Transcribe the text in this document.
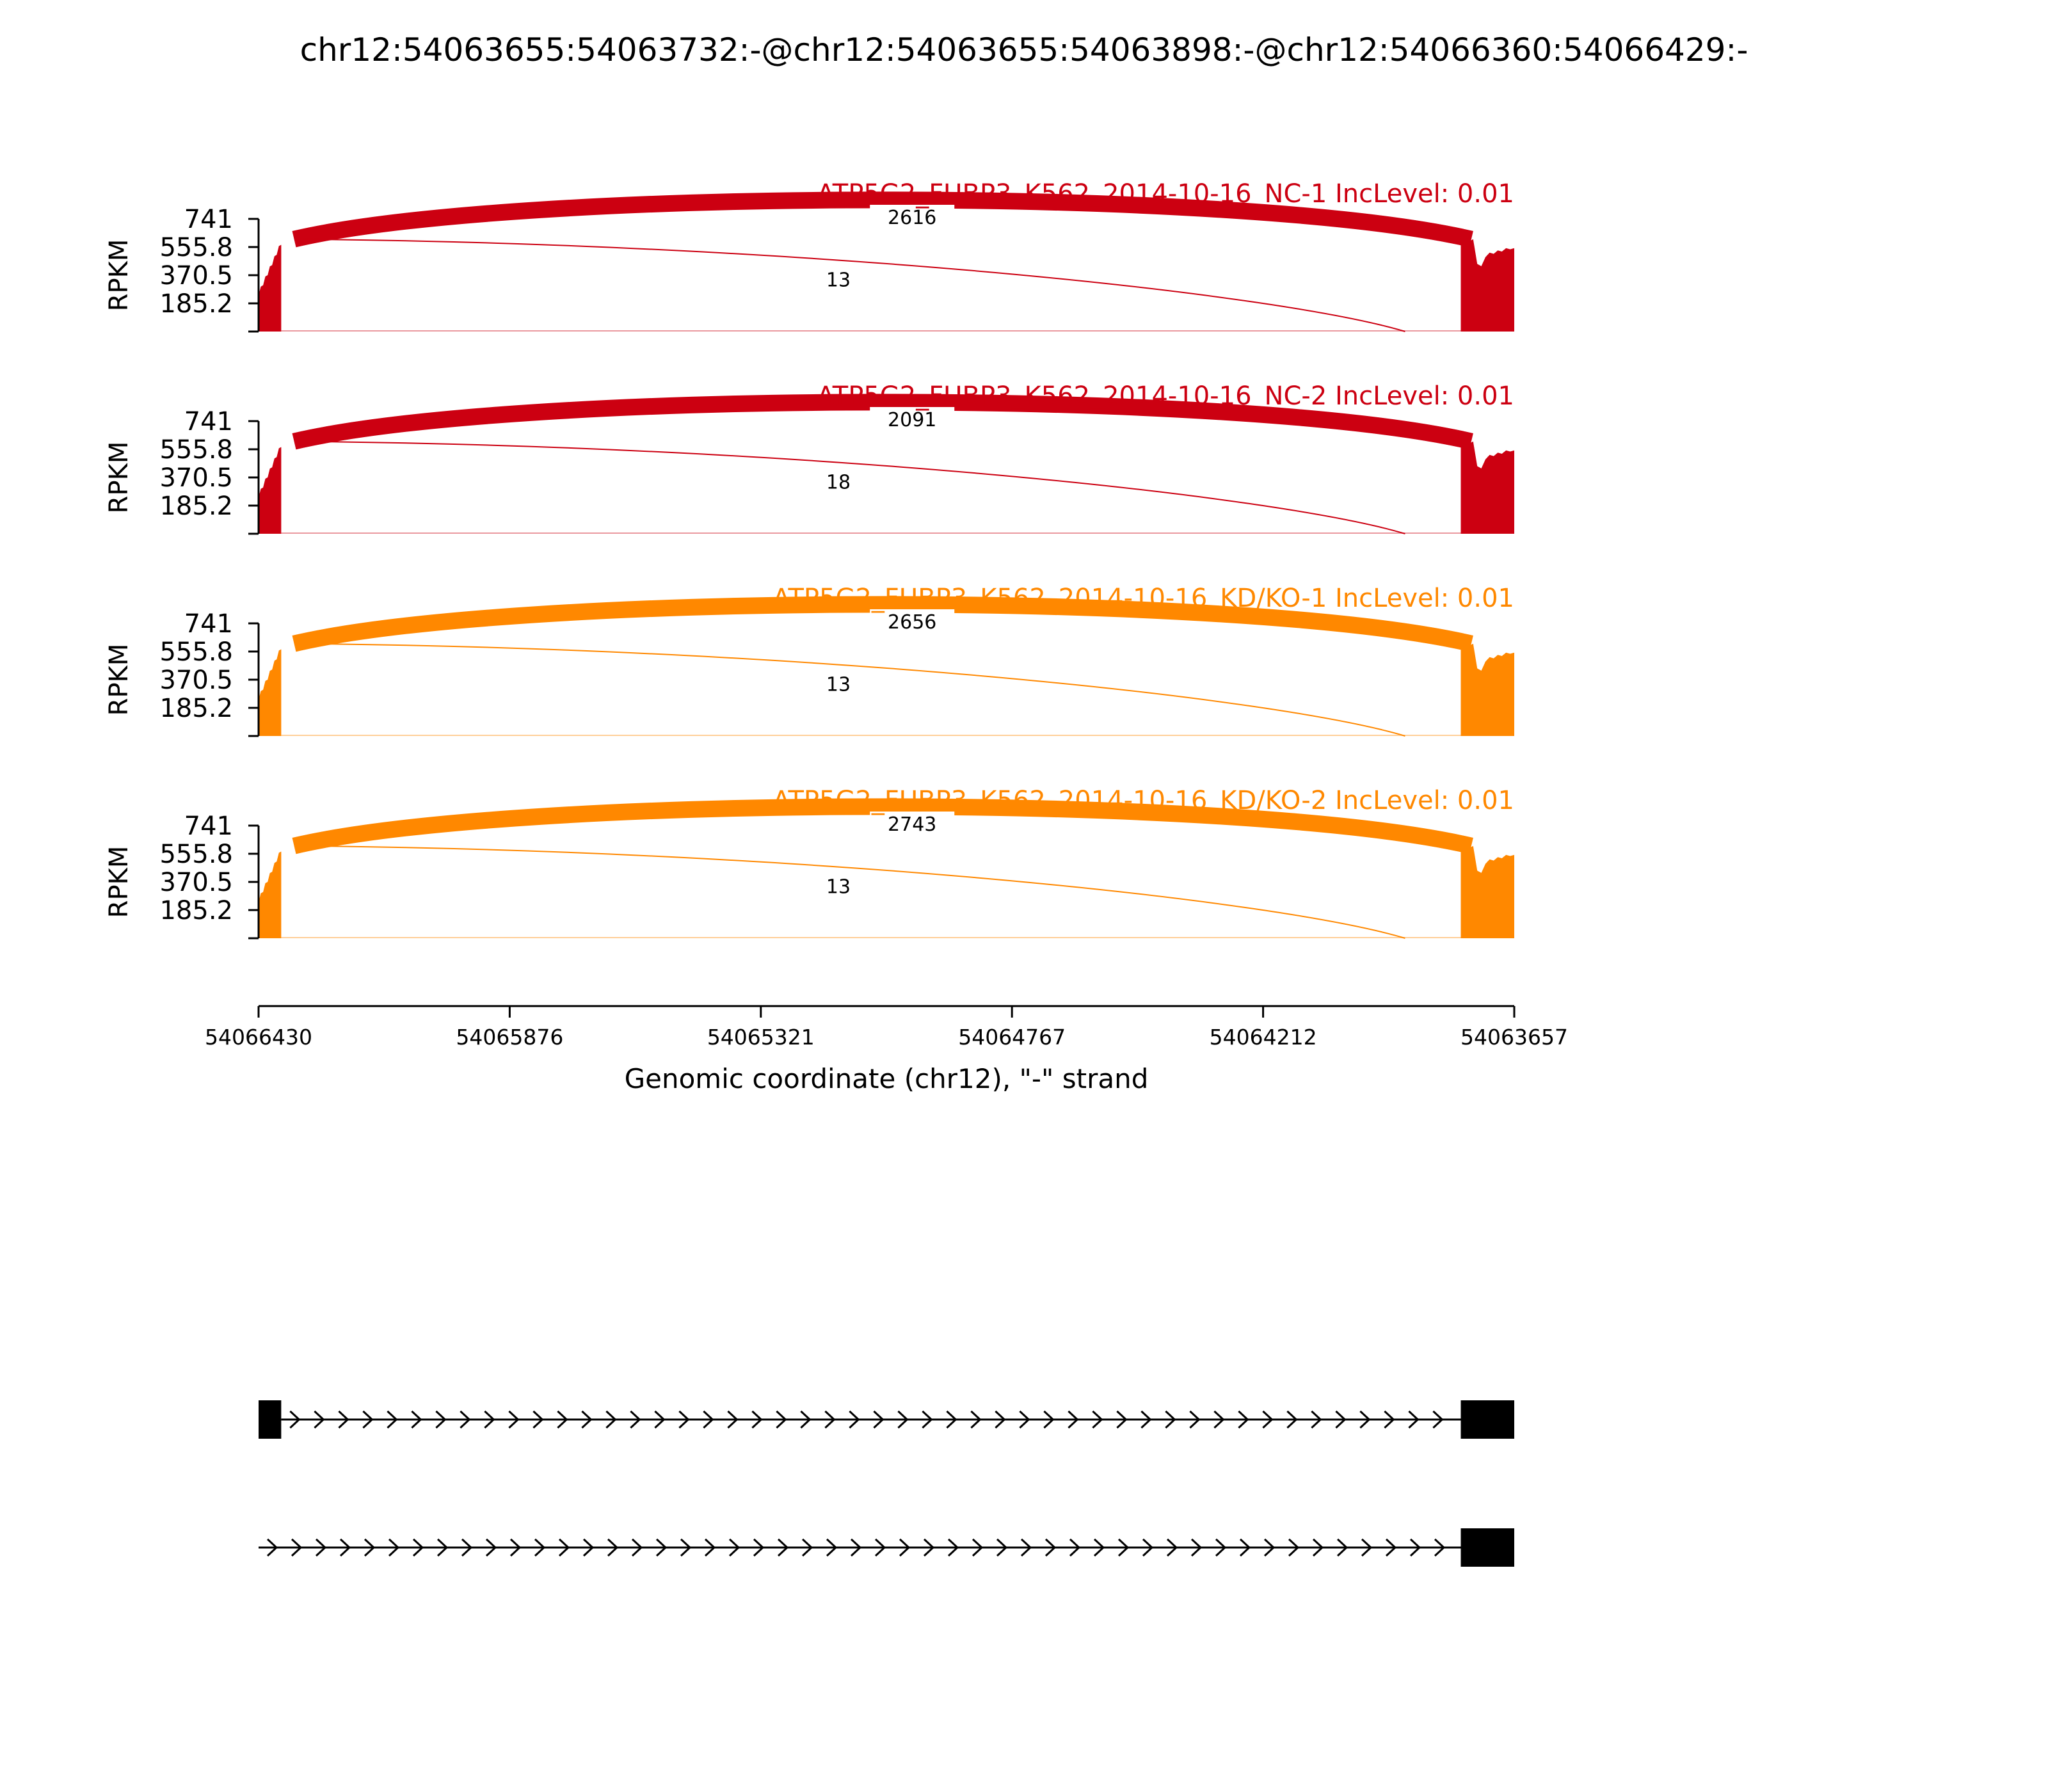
chr12:54063655:54063732:-@chr12:54063655:54063898:-@chr12:54066360:54066429:-
2616
13
ATP5G2_FUBP3_K562_2014-10-16_NC-1 IncLevel: 0.01
741
555.8
370.5
185.2
RPKM
2091
18
ATP5G2_FUBP3_K562_2014-10-16_NC-2 IncLevel: 0.01
741
555.8
370.5
185.2
RPKM
2656
13
ATP5G2_FUBP3_K562_2014-10-16_KD/KO-1 IncLevel: 0.01
741
555.8
370.5
185.2
RPKM
2743
13
ATP5G2_FUBP3_K562_2014-10-16_KD/KO-2 IncLevel: 0.01
741
555.8
370.5
185.2
RPKM
54066430	54065876	54065321	54064767	54064212	54063657
Genomic coordinate (chr12), "-" strand
